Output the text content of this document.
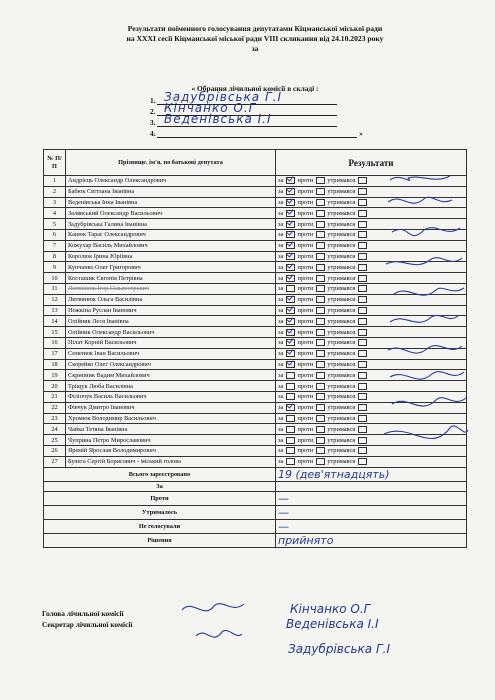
Результати поіменного голосування депутатами Кіцманської міської ради
на XXXI сесії Кіцманської міської ради VIII скликання від 24.10.2023 року
за
« Обрання лічильної комісії в складі :
1. Задубрівська Г.І
2. Кінчанко О.Г
3. Веденівська І.І
4.	»
№ П/П	Прізвище. ім'я, по батькові депутата	Результати
1	Андрієць Олександр Олександрович	за проти утримався
2	Бабюк Світлана Іванівна	за проти утримався
3	Веденівська Інна Іванівна	за проти утримався
4	Залявський Олександр Васильович	за проти утримався
5	Задубрівська Галина Іванівна	за проти утримався
6	Канюк Тарас Олександрович	за проти утримався
7	Кожухар Василь Михайлович	за проти утримався
8	Королюк Ірина Юріївна	за проти утримався
9	Купчанко Олег Григорович	за проти утримався
10	Косташик Євгенія Петрівна	за проти утримався
11	Литвинюк Ігор Сільвестрович	за проти утримався
12	Литвинюк Ольга Василівна	за проти утримався
13	Ножкіна Руслан Іванович	за проти утримався
14	Олійник Леся Іванівна	за проти утримався
15	Олійник Олександр Васильович	за проти утримався
16	Пілат Корній Васильович	за проти утримався
17	Семенюк Іван Васильович	за проти утримався
18	Скорейко Олег Олександрович	за проти утримався
19	Скрипник Вадим Михайлович	за проти утримався
20	Тріщук Люба Василівна	за проти утримався
21	Філіпчук Василь Васильович	за проти утримався
22	Фівчук Дмитро Іванович	за проти утримався
23	Хромюк Володимир Васильович	за проти утримався
24	Чайка Тетяна Іванівна	за проти утримався
25	Чуприна Петро Мирославович	за проти утримався
26	Яремій Ярослав Володимирович	за проти утримався
27	Булега Сергій Борисович - міський голова	за проти утримався
Всього зареєстровано		19 (дев'ятнадцять)
За		
Проти		—
Утрималось		—
Не голосували		—
Рішення		прийнято
Голова лічильної комісії
Секретар лічильної комісії
Кінчанко О.Г
Веденівська І.І
Задубрівська Г.І
